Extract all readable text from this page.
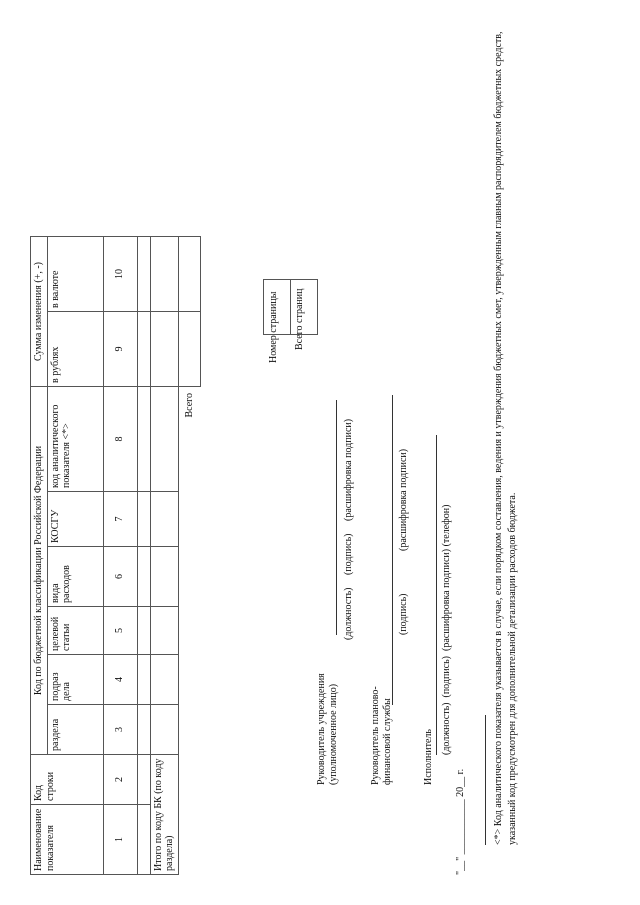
Наименование показателя	Код строки	Код по бюджетной классификации Российской Федерации						Сумма изменения (+, -)	
		раздела	подраз дела	целевой статьи	вида расходов	КОСГУ	код аналитического показателя <*>	в рублях	в валюте
1	2	3	4	5	6	7	8	9	10

Итого по коду БК (по коду раздела)									
Всего									

Номер страницы Всего страниц
Руководитель учреждения (уполномоченное лицо)
(должность)     (подпись)     (расшифровка подписи)
Руководитель планово-финансовой службы
(подпись)                 (расшифровка подписи)
Исполнитель
(должность)  (подпись)  (расшифровка подписи) (телефон)
"__" ___________ 20__ г.	<*> Код аналитического показателя указывается в случае, если порядком составления, ведения и утверждения бюджетных смет, утвержденным главным распорядителем бюджетных средств, указанный код предусмотрен для дополнительной детализации расходов бюджета.
